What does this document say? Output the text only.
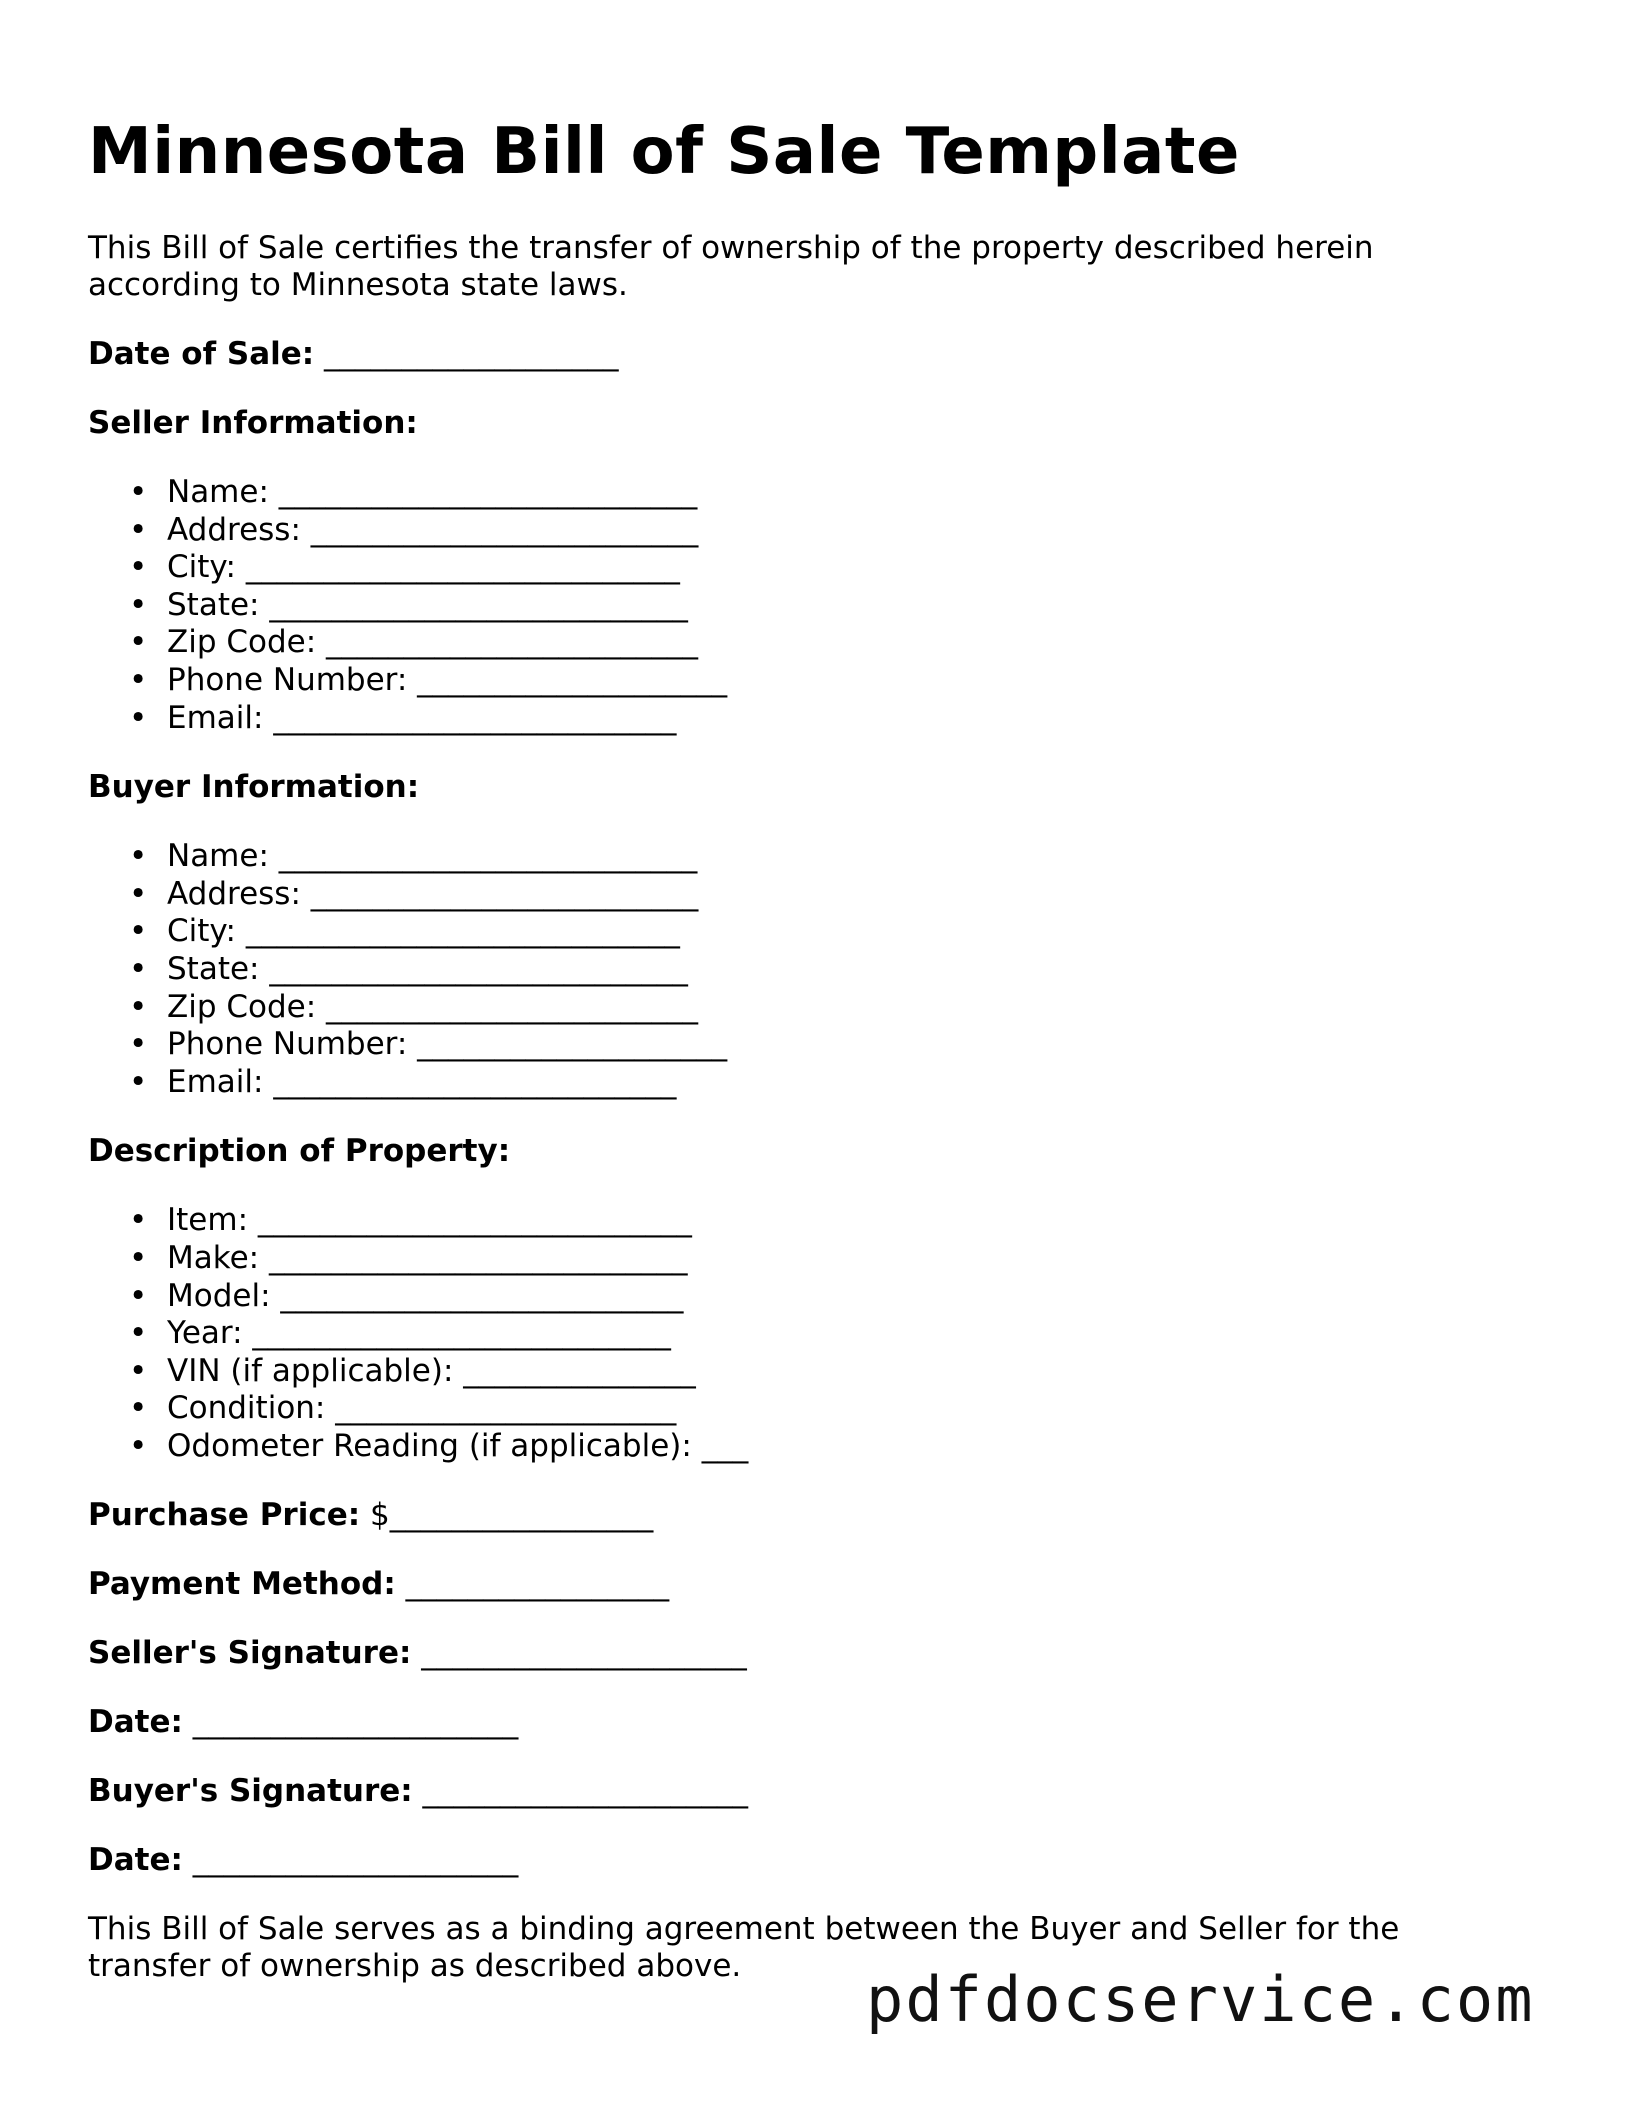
Minnesota Bill of Sale Template

This Bill of Sale certifies the transfer of ownership of the property described herein according to Minnesota state laws.

Date of Sale: ___________________

Seller Information:

• Name: ___________________________
• Address: _________________________
• City: ____________________________
• State: ___________________________
• Zip Code: ________________________
• Phone Number: ____________________
• Email: __________________________

Buyer Information:

• Name: ___________________________
• Address: _________________________
• City: ____________________________
• State: ___________________________
• Zip Code: ________________________
• Phone Number: ____________________
• Email: __________________________

Description of Property:

• Item: ____________________________
• Make: ___________________________
• Model: __________________________
• Year: ___________________________
• VIN (if applicable): _______________
• Condition: ______________________
• Odometer Reading (if applicable): ___

Purchase Price: $_________________

Payment Method: _________________

Seller's Signature: _____________________

Date: _____________________

Buyer's Signature: _____________________

Date: _____________________

This Bill of Sale serves as a binding agreement between the Buyer and Seller for the transfer of ownership as described above.	pdfdocservice.com
